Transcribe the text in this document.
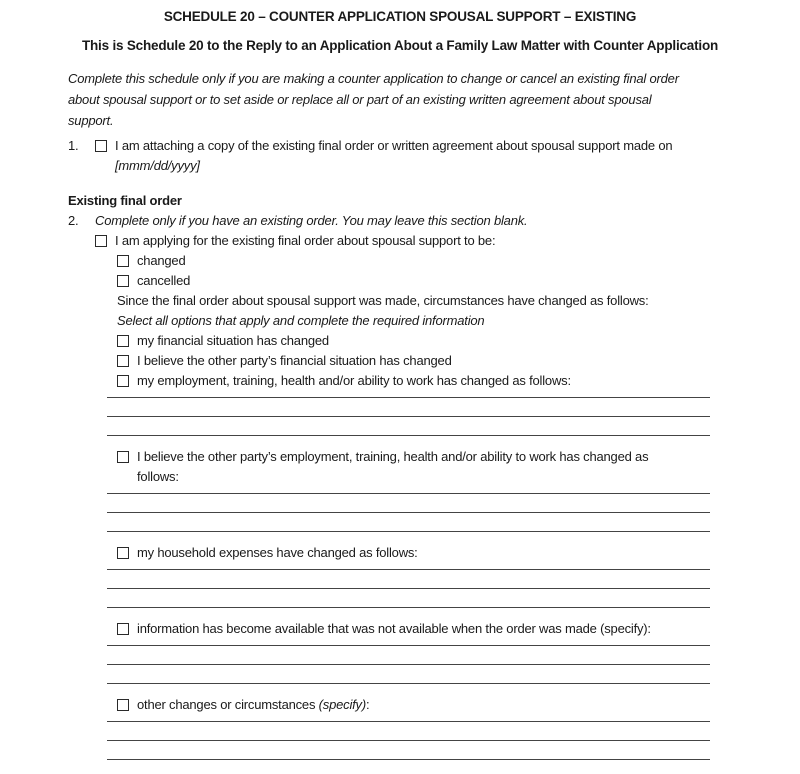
SCHEDULE 20 – COUNTER APPLICATION SPOUSAL SUPPORT – EXISTING
This is Schedule 20 to the Reply to an Application About a Family Law Matter with Counter Application
Complete this schedule only if you are making a counter application to change or cancel an existing final order
about spousal support or to set aside or replace all or part of an existing written agreement about spousal
support.
1.	I am attaching a copy of the existing final order or written agreement about spousal support made on
[mmm/dd/yyyy]
Existing final order
2.	Complete only if you have an existing order. You may leave this section blank.
I am applying for the existing final order about spousal support to be:
changed
cancelled
Since the final order about spousal support was made, circumstances have changed as follows:
Select all options that apply and complete the required information
my financial situation has changed
I believe the other party’s financial situation has changed
my employment, training, health and/or ability to work has changed as follows:
I believe the other party’s employment, training, health and/or ability to work has changed as
follows:
my household expenses have changed as follows:
information has become available that was not available when the order was made (specify):
other changes or circumstances (specify):
